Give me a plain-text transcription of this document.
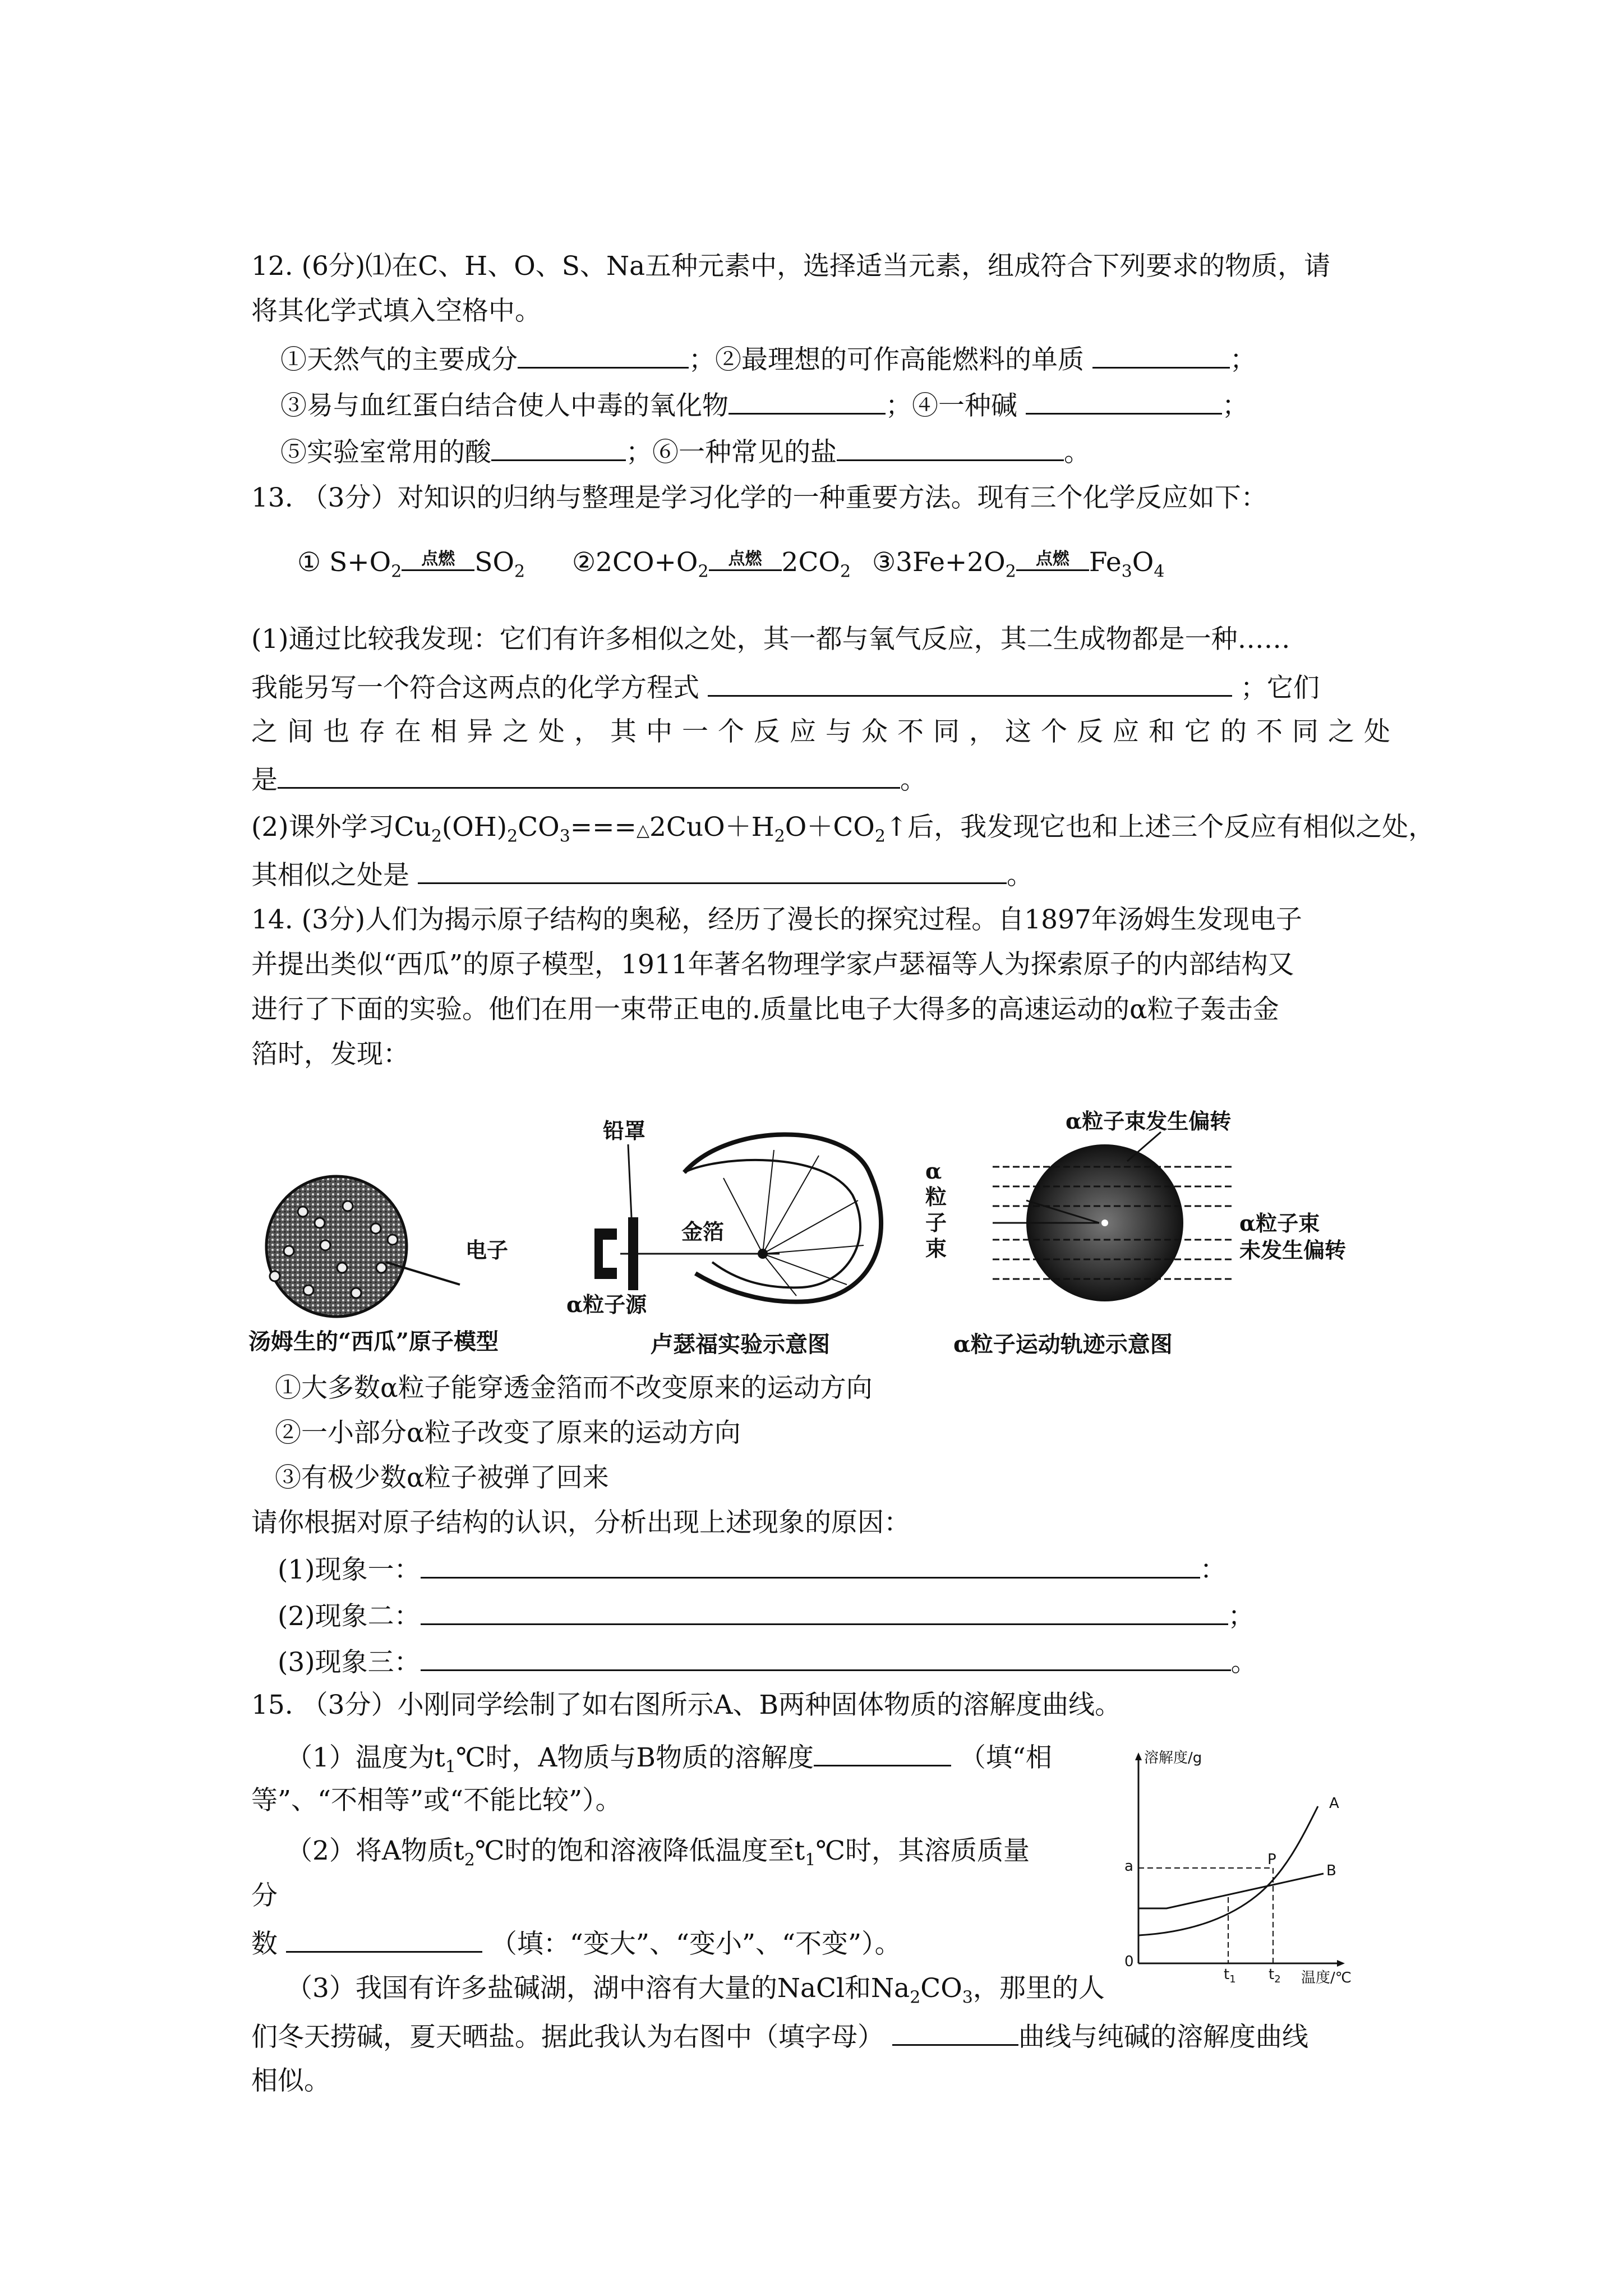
12. (6分)⑴在C、H、O、S、Na五种元素中，选择适当元素，组成符合下列要求的物质，请
将其化学式填入空格中。
①天然气的主要成分	；②最理想的可作高能燃料的单质	；
③易与血红蛋白结合使人中毒的氧化物	；④一种碱	；
⑤实验室常用的酸	；⑥一种常见的盐	。
13. （3分）对知识的归纳与整理是学习化学的一种重要方法。现有三个化学反应如下：
① $S+O_2$
点燃 $SO_2$ $②2CO+O_2$
点燃 $2CO_2$ $③3Fe+2O_2$
点燃 $Fe_3O_4$
(1)通过比较我发现：它们有许多相似之处，其一都与氧气反应，其二生成物都是一种……
我能另写一个符合这两点的化学方程式	；它们
之间也存在相异之处，其中一个反应与众不同，这个反应和它的不同之处
是	。
(2)课外学习$Cu_2(OH)_2CO_3===\triangle 2CuO+H_2O+CO_2↑$后，我发现它也和上述三个反应有相似之处，
其相似之处是	。
14. (3分)人们为揭示原子结构的奥秘，经历了漫长的探究过程。自1897年汤姆生发现电子
并提出类似“西瓜”的原子模型，1911年著名物理学家卢瑟福等人为探索原子的内部结构又
进行了下面的实验。他们在用一束带正电的.质量比电子大得多的高速运动的α粒子轰击金
箔时，发现：
电子
汤姆生的“西瓜”原子模型
铅罩
金箔
α粒子源
卢瑟福实验示意图
α
粒
子
束
α粒子束发生偏转
α粒子束
未发生偏转
α粒子运动轨迹示意图
①大多数α粒子能穿透金箔而不改变原来的运动方向
②一小部分α粒子改变了原来的运动方向
③有极少数α粒子被弹了回来
请你根据对原子结构的认识，分析出现上述现象的原因：
(1)现象一：	：
(2)现象二：	；
(3)现象三：	。
15. （3分）小刚同学绘制了如右图所示A、B两种固体物质的溶解度曲线。
（1）温度为$t_1℃$时，A物质与B物质的溶解度	（填“相
等”、“不相等”或“不能比较”）。
（2）将A物质$t_2℃$时的饱和溶液降低温度至$t_1℃$时，其溶质质量
分
数	（填：“变大”、“变小”、“不变”）。
（3）我国有许多盐碱湖，湖中溶有大量的NaCl和$Na_2CO_3$，那里的人
们冬天捞碱，夏天晒盐。据此我认为右图中（填字母）	曲线与纯碱的溶解度曲线
相似。
溶解度/g
A
B
P
a
0
$t_1$ $t_2$ 温度/℃
